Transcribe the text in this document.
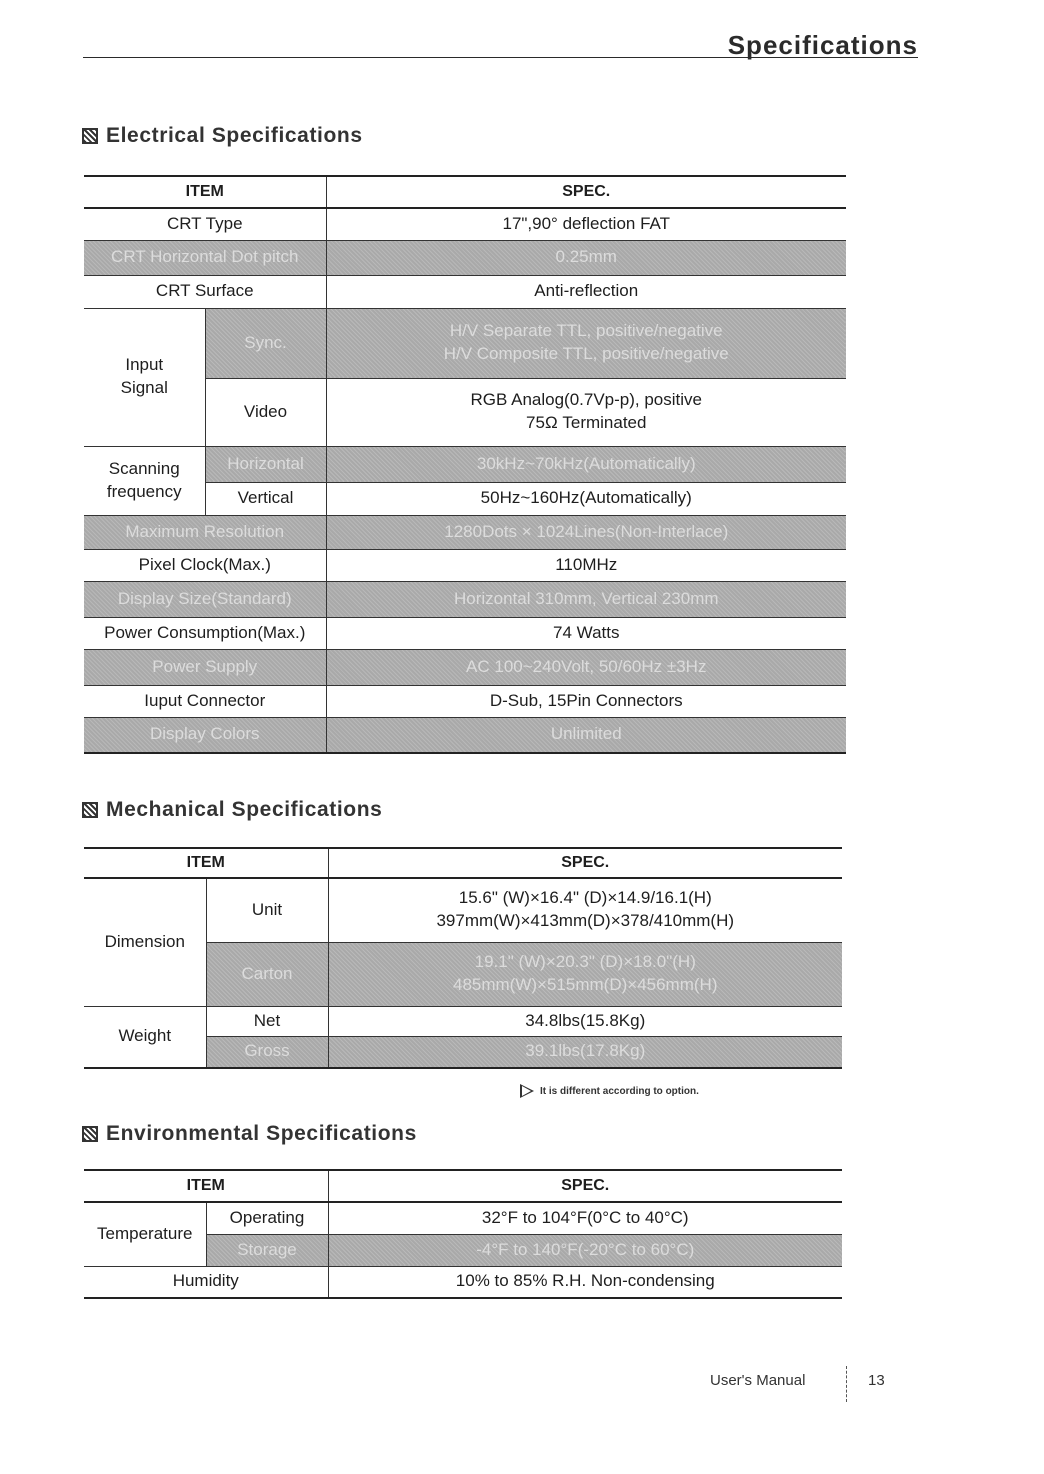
Specifications
Electrical Specifications
ITEM		SPEC.
CRT Type		17",90° deflection FAT
CRT Horizontal Dot pitch		0.25mm
CRT Surface		Anti-reflection
Input Signal	Sync.	H/V Separate TTL, positive/negative
H/V Composite TTL, positive/negative

	Video	RGB Analog(0.7Vp-p), positive
75Ω Terminated

Scanning frequency	Horizontal	30kHz~70kHz(Automatically)
	Vertical	50Hz~160Hz(Automatically)
Maximum Resolution		1280Dots × 1024Lines(Non-Interlace)
Pixel Clock(Max.)		110MHz
Display Size(Standard)		Horizontal 310mm, Vertical 230mm
Power Consumption(Max.)		74 Watts
Power Supply		AC 100~240Volt, 50/60Hz ±3Hz
Iuput Connector		D-Sub, 15Pin Connectors
Display Colors		Unlimited
Mechanical Specifications
ITEM		SPEC.
Dimension	Unit	15.6" (W)×16.4" (D)×14.9/16.1(H)
397mm(W)×413mm(D)×378/410mm(H)

	Carton	19.1" (W)×20.3" (D)×18.0"(H)
485mm(W)×515mm(D)×456mm(H)

Weight	Net	34.8lbs(15.8Kg)
	Gross	39.1lbs(17.8Kg)
It is different according to option.
Environmental Specifications
ITEM		SPEC.
Temperature	Operating	32°F to 104°F(0°C to 40°C)
	Storage	-4°F to 140°F(-20°C to 60°C)
Humidity		10% to 85% R.H. Non-condensing
User's Manual	13
